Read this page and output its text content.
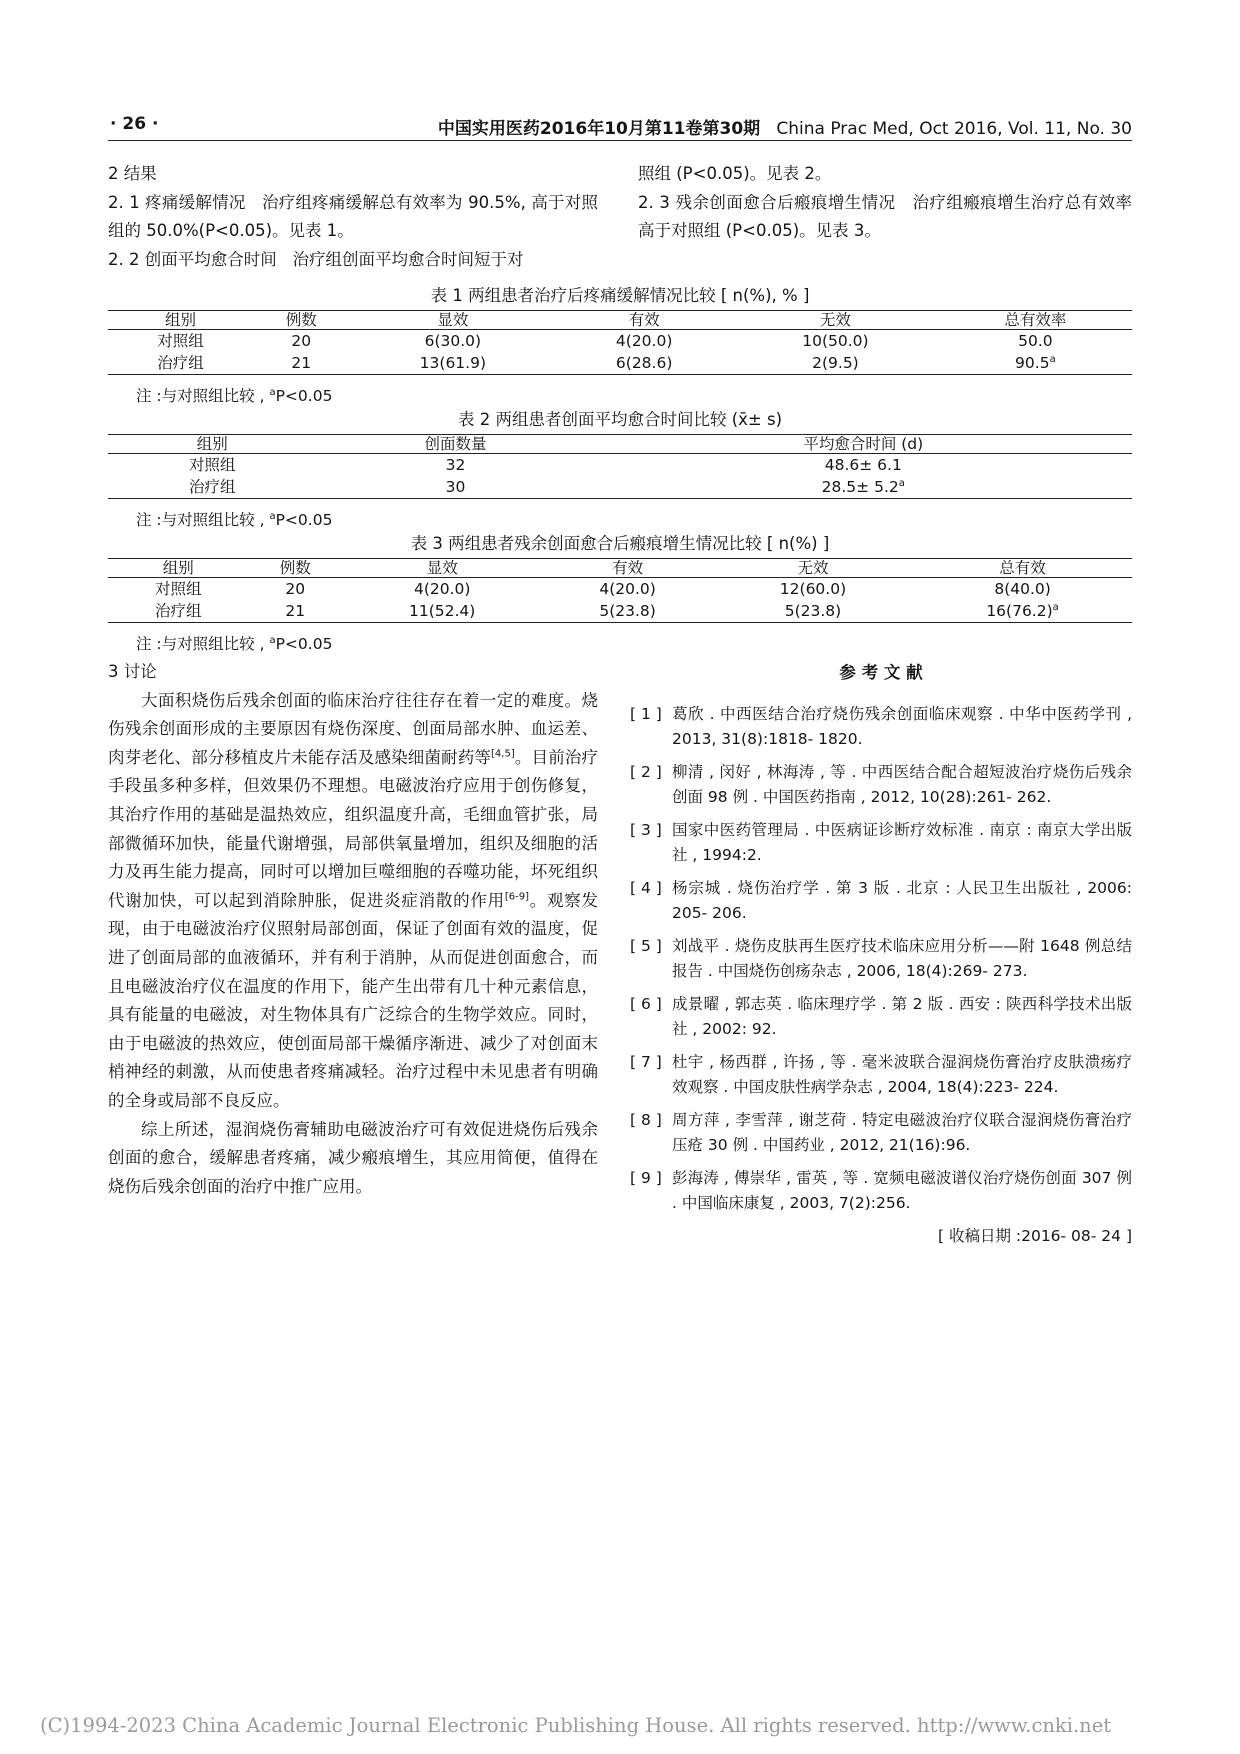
· 26 ·	中国实用医药2016年10月第11卷第30期 China Prac Med, Oct 2016, Vol. 11, No. 30

2 结果

2. 1 疼痛缓解情况 治疗组疼痛缓解总有效率为 90.5%, 高于对照组的 50.0%(P<0.05)。见表 1。

2. 2 创面平均愈合时间 治疗组创面平均愈合时间短于对

照组 (P<0.05)。见表 2。

2. 3 残余创面愈合后瘢痕增生情况 治疗组瘢痕增生治疗总有效率高于对照组 (P<0.05)。见表 3。

表 1 两组患者治疗后疼痛缓解情况比较 [ n(%), % ]
组别	例数	显效	有效	无效	总有效率
对照组	20	6(30.0)	4(20.0)	10(50.0)	50.0
治疗组	21	13(61.9)	6(28.6)	2(9.5)	90.5$^a$
注 :与对照组比较 , $^a$P<0.05
表 2 两组患者创面平均愈合时间比较 (x̄± s)
组别	创面数量	平均愈合时间 (d)
对照组	32	48.6± 6.1
治疗组	30	28.5± 5.2$^a$
注 :与对照组比较 , $^a$P<0.05
表 3 两组患者残余创面愈合后瘢痕增生情况比较 [ n(%) ]
组别	例数	显效	有效	无效	总有效
对照组	20	4(20.0)	4(20.0)	12(60.0)	8(40.0)
治疗组	21	11(52.4)	5(23.8)	5(23.8)	$16(76.2)^a$
注 :与对照组比较 , $^a$P<0.05

3 讨论

大面积烧伤后残余创面的临床治疗往往存在着一定的难度。烧伤残余创面形成的主要原因有烧伤深度、创面局部水肿、血运差、肉芽老化、部分移植皮片未能存活及感染细菌耐药等[4,5]。目前治疗手段虽多种多样，但效果仍不理想。电磁波治疗应用于创伤修复，其治疗作用的基础是温热效应，组织温度升高，毛细血管扩张，局部微循环加快，能量代谢增强，局部供氧量增加，组织及细胞的活力及再生能力提高，同时可以增加巨噬细胞的吞噬功能，坏死组织代谢加快，可以起到消除肿胀，促进炎症消散的作用[6-9]。观察发现，由于电磁波治疗仪照射局部创面，保证了创面有效的温度，促进了创面局部的血液循环，并有利于消肿，从而促进创面愈合，而且电磁波治疗仪在温度的作用下，能产生出带有几十种元素信息，具有能量的电磁波，对生物体具有广泛综合的生物学效应。同时，由于电磁波的热效应，使创面局部干燥循序渐进、减少了对创面末梢神经的刺激，从而使患者疼痛减轻。治疗过程中未见患者有明确的全身或局部不良反应。

综上所述，湿润烧伤膏辅助电磁波治疗可有效促进烧伤后残余创面的愈合，缓解患者疼痛，减少瘢痕增生，其应用简便，值得在烧伤后残余创面的治疗中推广应用。

参 考 文 献
[ 1 ] 葛欣 . 中西医结合治疗烧伤残余创面临床观察 . 中华中医药学刊 , 2013, 31(8):1818- 1820.
[ 2 ] 柳清 , 闵好 , 林海涛 , 等 . 中西医结合配合超短波治疗烧伤后残余创面 98 例 . 中国医药指南 , 2012, 10(28):261- 262.
[ 3 ] 国家中医药管理局 . 中医病证诊断疗效标准 . 南京 : 南京大学出版社 , 1994:2.
[ 4 ] 杨宗城 . 烧伤治疗学 . 第 3 版 . 北京 : 人民卫生出版社 , 2006: 205- 206.
[ 5 ] 刘战平 . 烧伤皮肤再生医疗技术临床应用分析——附 1648 例总结报告 . 中国烧伤创疡杂志 , 2006, 18(4):269- 273.
[ 6 ] 成景曜 , 郭志英 . 临床理疗学 . 第 2 版 . 西安 : 陕西科学技术出版社 , 2002: 92.
[ 7 ] 杜宇 , 杨西群 , 许扬 , 等 . 毫米波联合湿润烧伤膏治疗皮肤溃疡疗效观察 . 中国皮肤性病学杂志 , 2004, 18(4):223- 224.
[ 8 ] 周方萍 , 李雪萍 , 谢芝荷 . 特定电磁波治疗仪联合湿润烧伤膏治疗压疮 30 例 . 中国药业 , 2012, 21(16):96.
[ 9 ] 彭海涛 , 傅崇华 , 雷英 , 等 . 宽频电磁波谱仪治疗烧伤创面 307 例 . 中国临床康复 , 2003, 7(2):256.
[ 收稿日期 :2016- 08- 24 ]
(C)1994-2023 China Academic Journal Electronic Publishing House. All rights reserved. http://www.cnki.net
